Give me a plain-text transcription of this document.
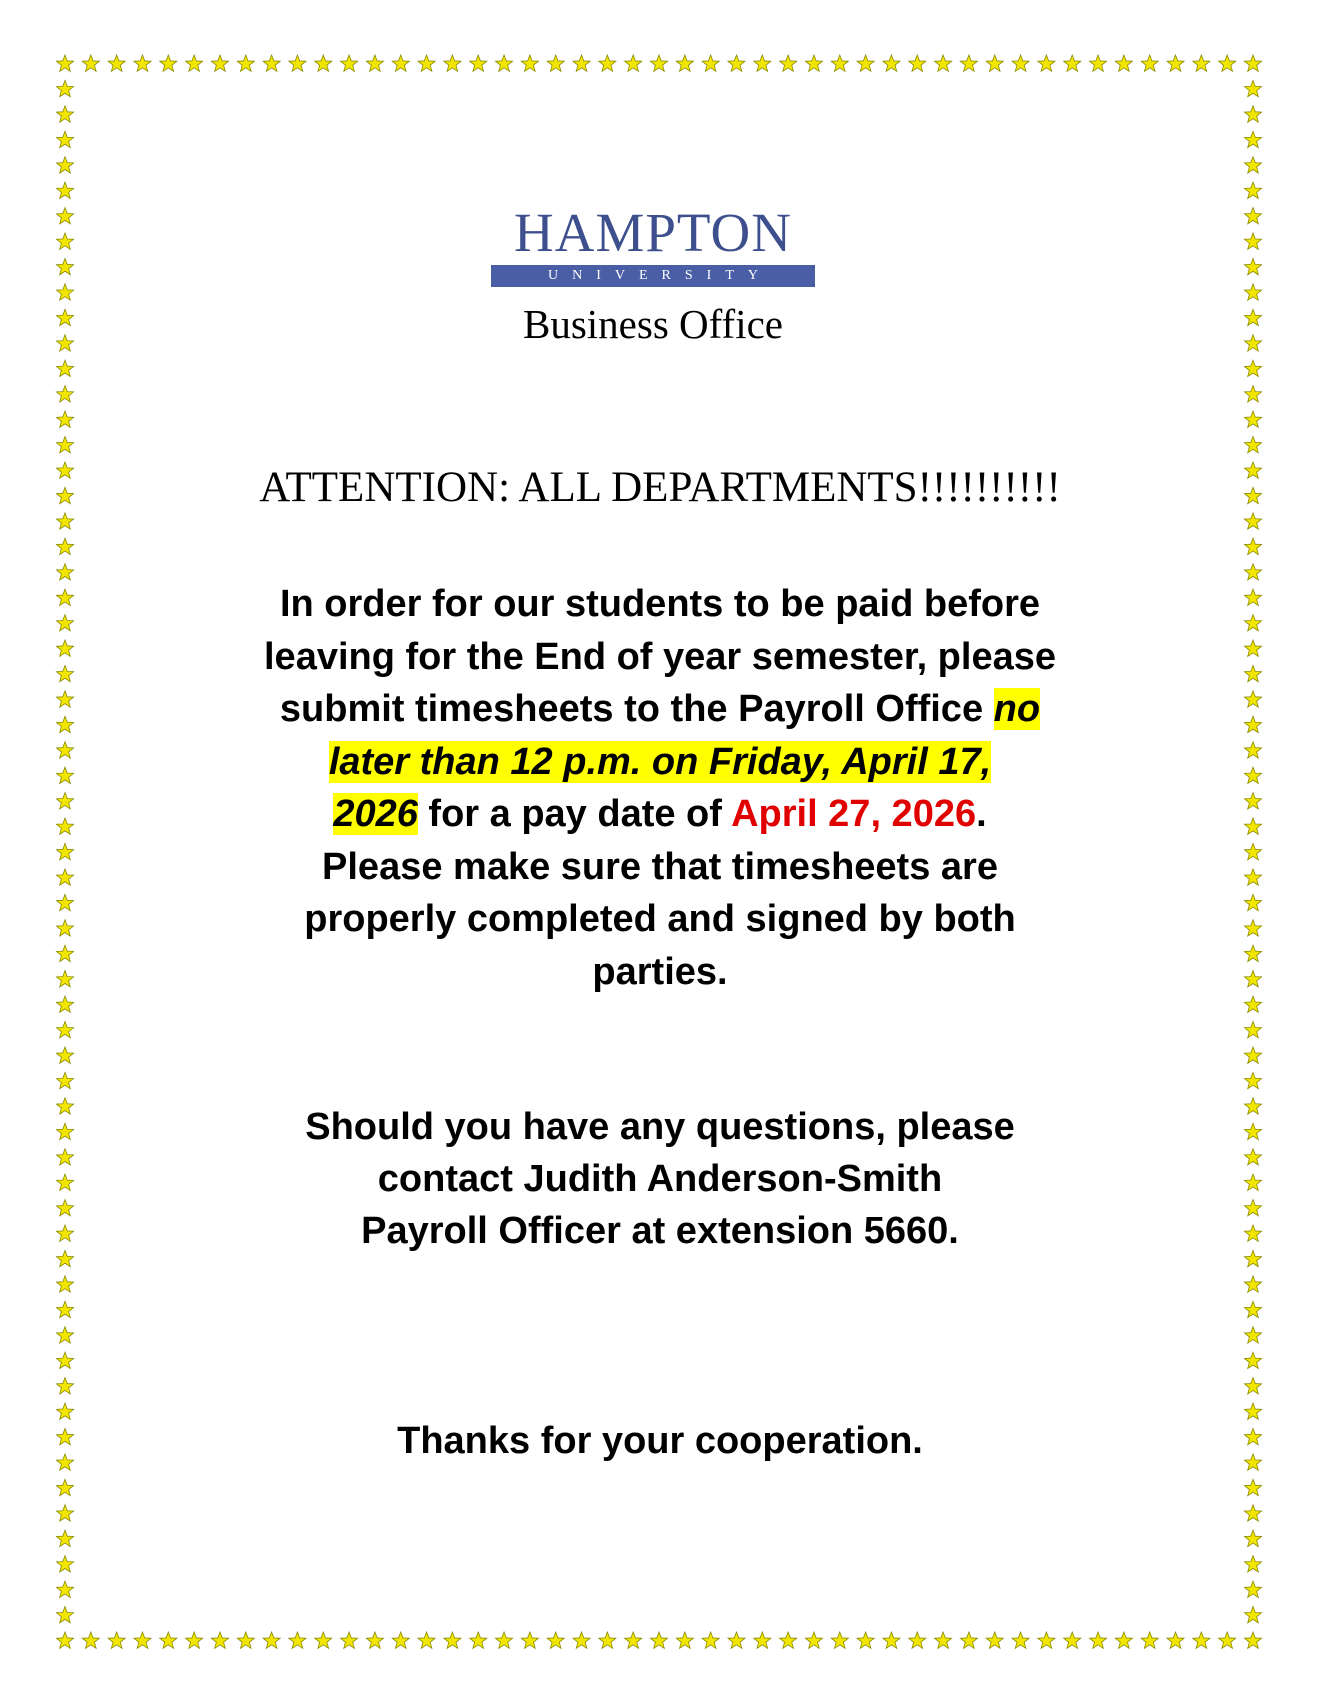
HAMPTON
UNIVERSITY
Business Office
ATTENTION: ALL DEPARTMENTS!!!!!!!!!!
In order for our students to be paid before
leaving for the End of year semester, please
submit timesheets to the Payroll Office no
later than 12 p.m. on Friday, April 17,
2026 for a pay date of April 27, 2026.
Please make sure that timesheets are
properly completed and signed by both
parties.
Should you have any questions, please
contact Judith Anderson-Smith
Payroll Officer at extension 5660.
Thanks for your cooperation.
